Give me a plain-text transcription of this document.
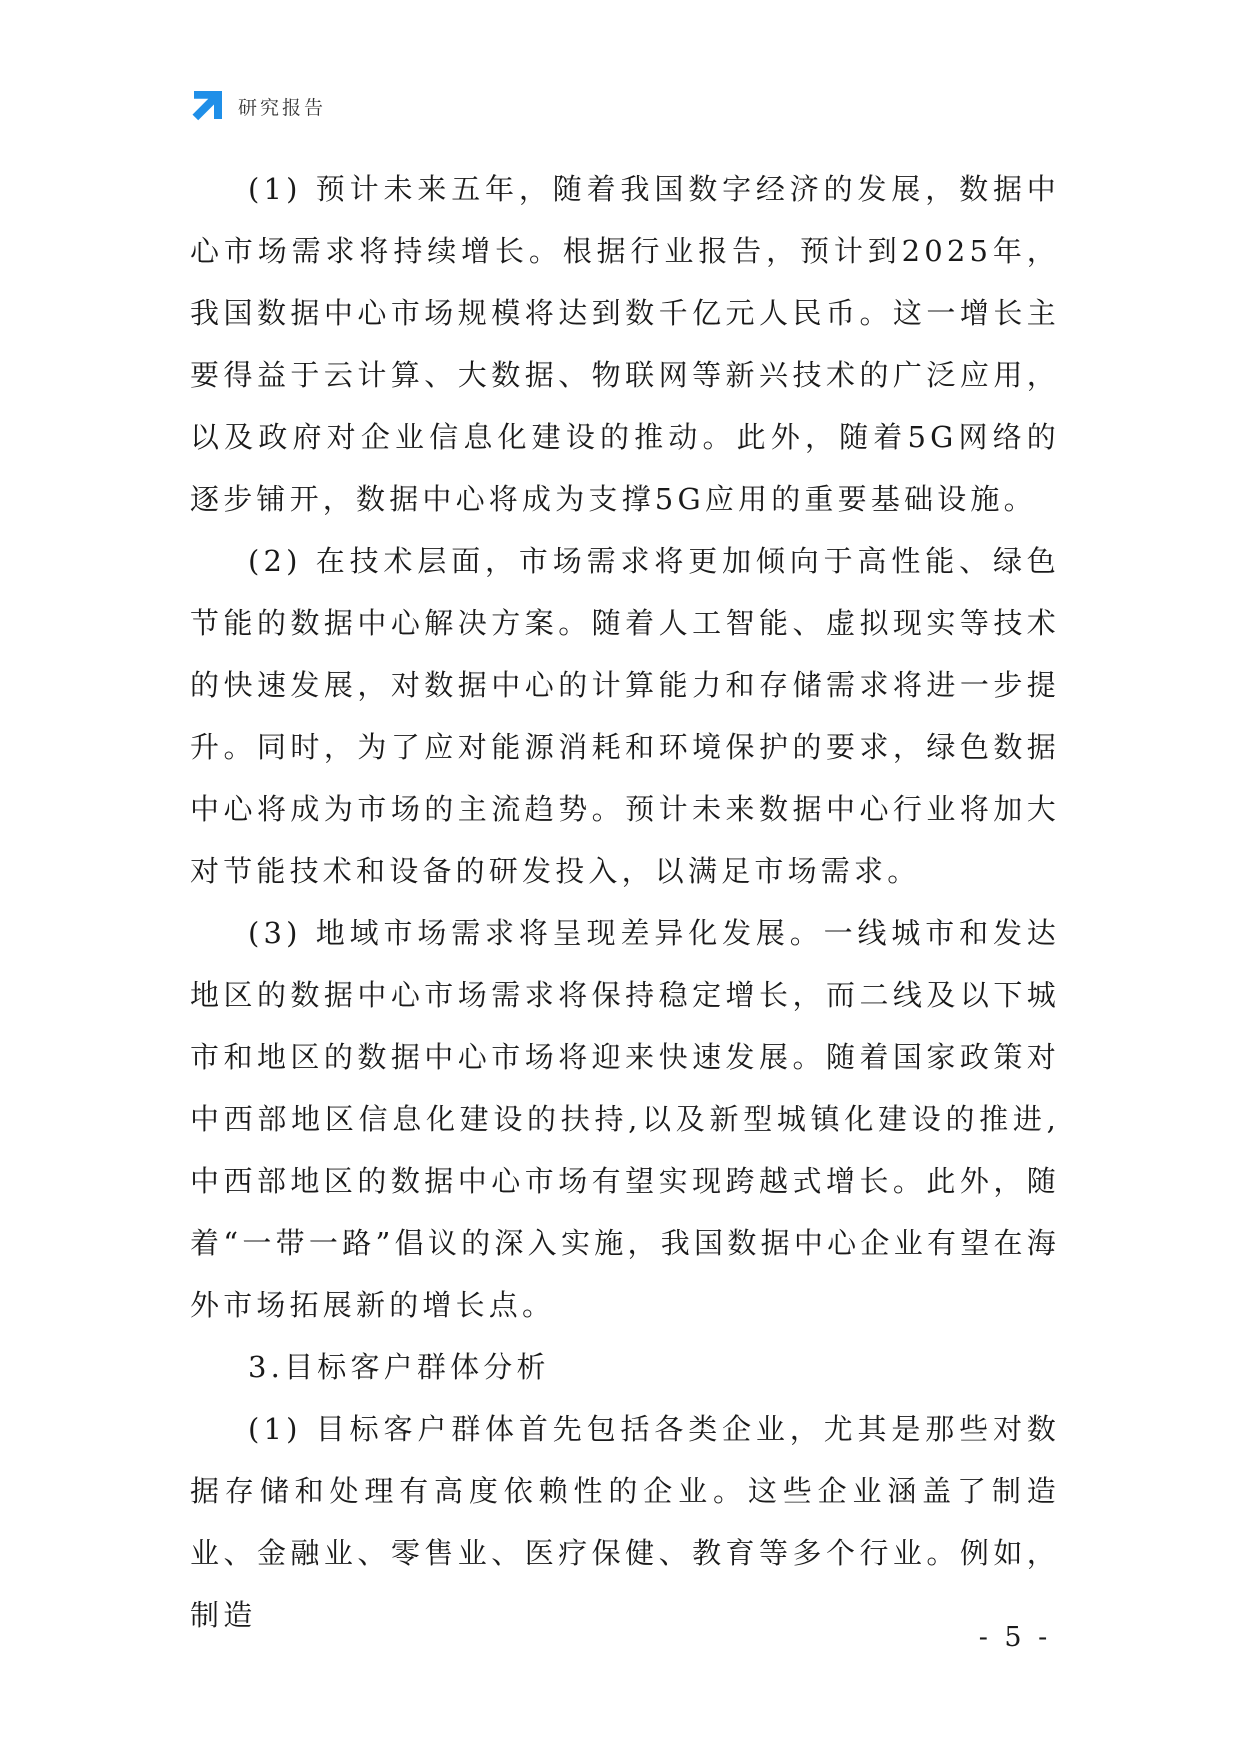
研究报告

(1) 预计未来五年，随着我国数字经济的发展，数据中心市场需求将持续增长。根据行业报告，预计到2025年，我国数据中心市场规模将达到数千亿元人民币。这一增长主要得益于云计算、大数据、物联网等新兴技术的广泛应用，以及政府对企业信息化建设的推动。此外，随着5G网络的逐步铺开，数据中心将成为支撑5G应用的重要基础设施。

(2) 在技术层面，市场需求将更加倾向于高性能、绿色节能的数据中心解决方案。随着人工智能、虚拟现实等技术的快速发展，对数据中心的计算能力和存储需求将进一步提升。同时，为了应对能源消耗和环境保护的要求，绿色数据中心将成为市场的主流趋势。预计未来数据中心行业将加大对节能技术和设备的研发投入，以满足市场需求。

(3) 地域市场需求将呈现差异化发展。一线城市和发达地区的数据中心市场需求将保持稳定增长，而二线及以下城市和地区的数据中心市场将迎来快速发展。随着国家政策对中西部地区信息化建设的扶持,以及新型城镇化建设的推进,中西部地区的数据中心市场有望实现跨越式增长。此外，随着“一带一路”倡议的深入实施，我国数据中心企业有望在海外市场拓展新的增长点。

3.目标客户群体分析

(1) 目标客户群体首先包括各类企业，尤其是那些对数据存储和处理有高度依赖性的企业。这些企业涵盖了制造业、金融业、零售业、医疗保健、教育等多个行业。例如，制造

- 5 -
